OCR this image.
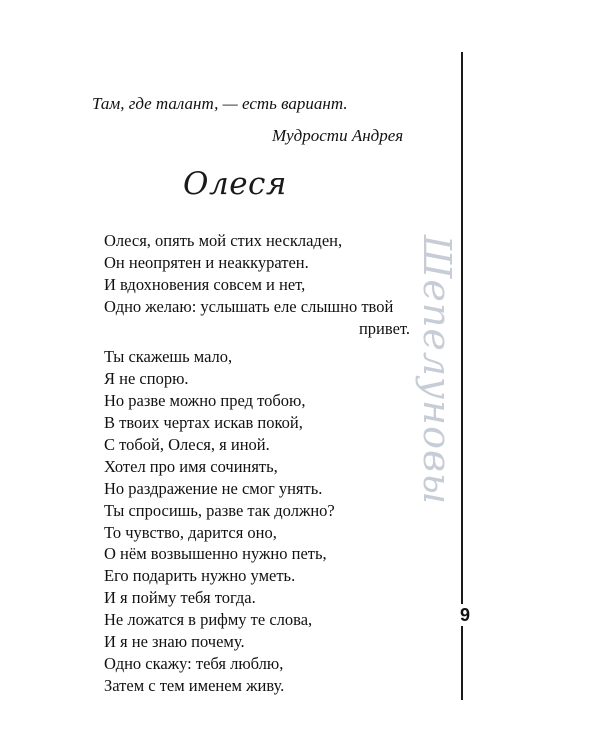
Там, где талант, — есть вариант.
Мудрости Андрея
Олеся
Олеся, опять мой стих нескладен,
Он неопрятен и неаккуратен.
И вдохновения совсем и нет,
Одно желаю: услышать еле слышно твой
привет.
Ты скажешь мало,
Я не спорю.
Но разве можно пред тобою,
В твоих чертах искав покой,
С тобой, Олеся, я иной.
Хотел про имя сочинять,
Но раздражение не смог унять.
Ты спросишь, разве так должно?
То чувство, дарится оно,
О нём возвышенно нужно петь,
Его подарить нужно уметь.
И я пойму тебя тогда.
Не ложатся в рифму те слова,
И я не знаю почему.
Одно скажу: тебя люблю,
Затем с тем именем живу.
Шепелуновы
9
